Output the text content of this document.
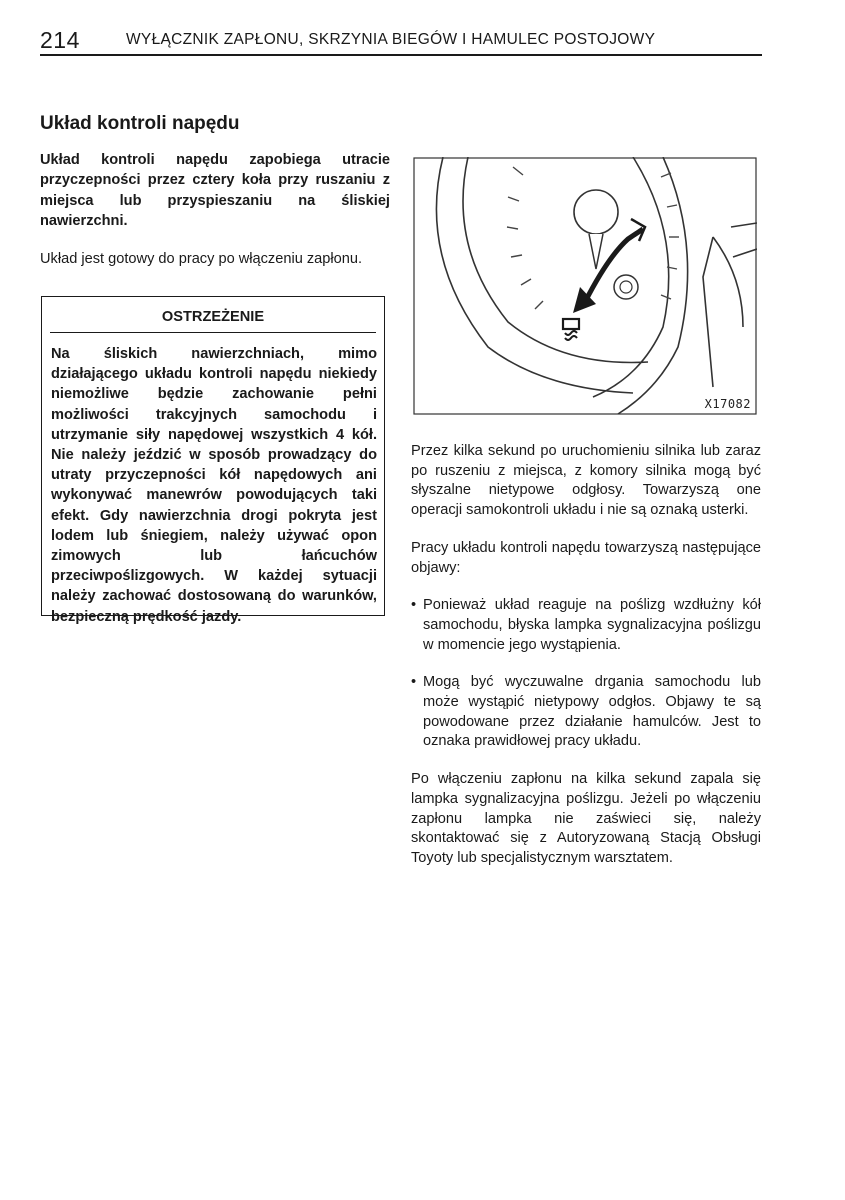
214	WYŁĄCZNIK ZAPŁONU, SKRZYNIA BIEGÓW I HAMULEC POSTOJOWY
Układ kontroli napędu

Układ kontroli napędu zapobiega utracie przyczepności przez cztery koła przy ruszaniu z miejsca lub przyspieszaniu na śliskiej nawierzchni.

Układ jest gotowy do pracy po włączeniu zapłonu.

OSTRZEŻENIE

Na śliskich nawierzchniach, mimo działającego układu kontroli napędu niekiedy niemożliwe będzie zachowanie pełni możliwości trakcyjnych samochodu i utrzymanie siły napędowej wszystkich 4 kół. Nie należy jeździć w sposób prowadzący do utraty przyczepności kół napędowych ani wykonywać manewrów powodujących taki efekt. Gdy nawierzchnia drogi pokryta jest lodem lub śniegiem, należy używać opon zimowych lub łańcuchów przeciwpoślizgowych. W każdej sytuacji należy zachować dostosowaną do warunków, bezpieczną prędkość jazdy.

X17082

Przez kilka sekund po uruchomieniu silnika lub zaraz po ruszeniu z miejsca, z komory silnika mogą być słyszalne nietypowe odgłosy. Towarzyszą one operacji samokontroli układu i nie są oznaką usterki.

Pracy układu kontroli napędu towarzyszą następujące objawy:

• Ponieważ układ reaguje na poślizg wzdłużny kół samochodu, błyska lampka sygnalizacyjna poślizgu w momencie jego wystąpienia.
• Mogą być wyczuwalne drgania samochodu lub może wystąpić nietypowy odgłos. Objawy te są powodowane przez działanie hamulców. Jest to oznaka prawidłowej pracy układu.

Po włączeniu zapłonu na kilka sekund zapala się lampka sygnalizacyjna poślizgu. Jeżeli po włączeniu zapłonu lampka nie zaświeci się, należy skontaktować się z Autoryzowaną Stacją Obsługi Toyoty lub specjalistycznym warsztatem.
